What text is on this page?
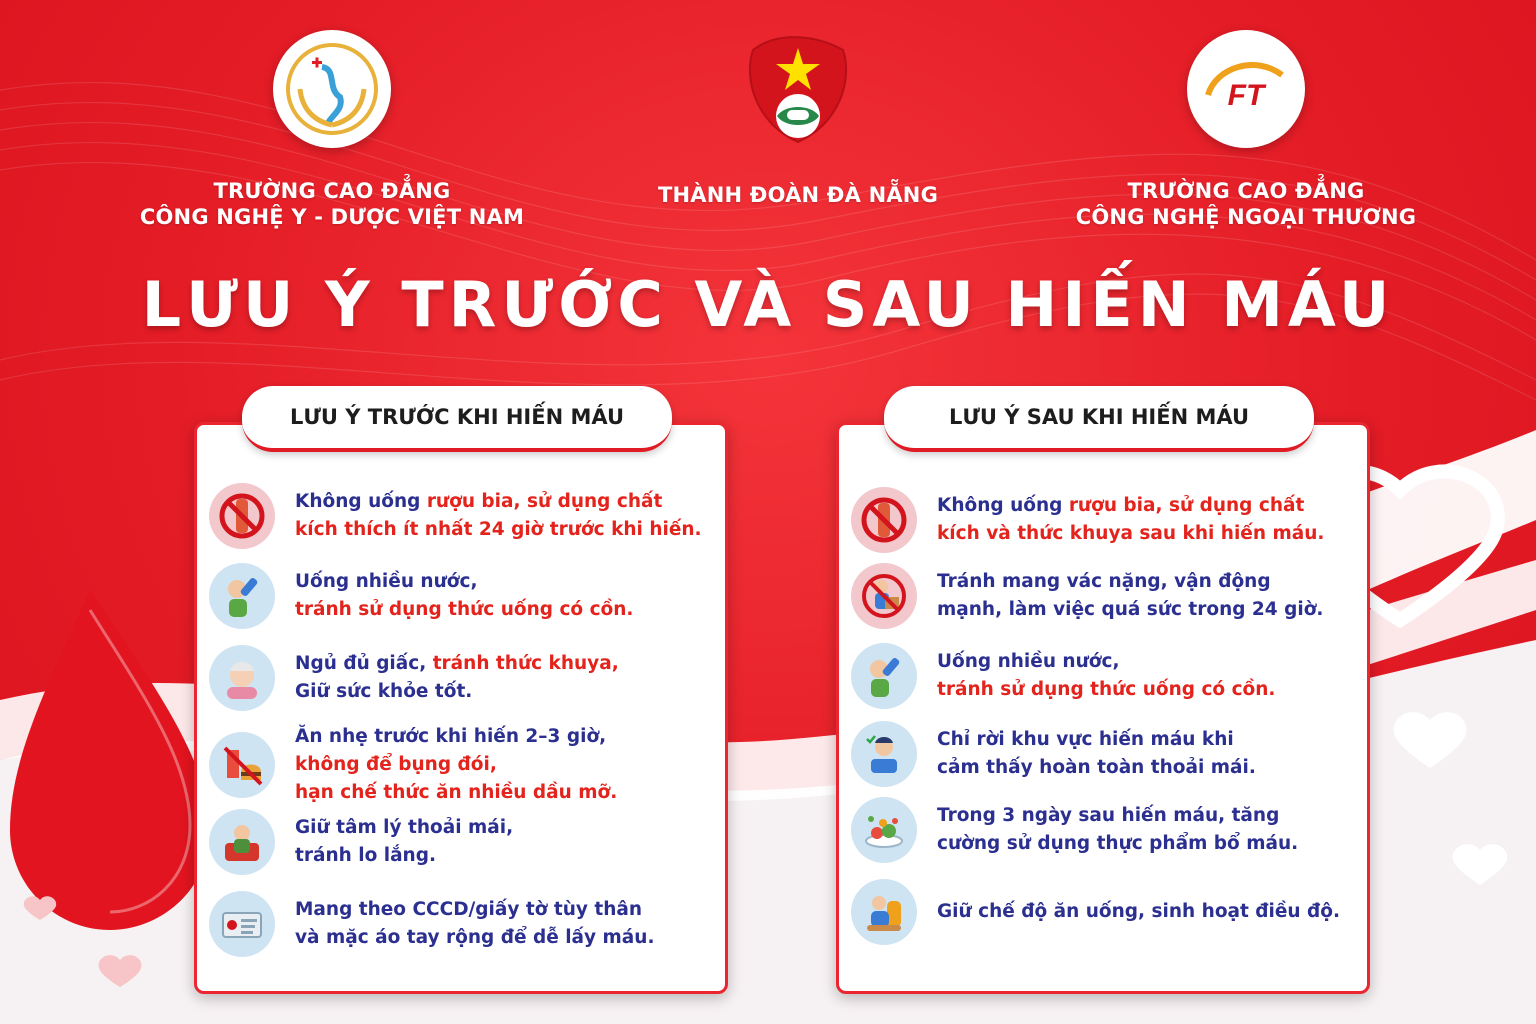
TRƯỜNG CAO ĐẲNG
CÔNG NGHỆ Y - DƯỢC VIỆT NAM
THÀNH ĐOÀN ĐÀ NẴNG
FT
TRƯỜNG CAO ĐẲNG
CÔNG NGHỆ NGOẠI THƯƠNG
LƯU Ý TRƯỚC VÀ SAU HIẾN MÁU
Không uống rượu bia, sử dụng chất
kích thích ít nhất 24 giờ trước khi hiến.
Uống nhiều nước,
tránh sử dụng thức uống có cồn.
Ngủ đủ giấc, tránh thức khuya,
Giữ sức khỏe tốt.
Ăn nhẹ trước khi hiến 2–3 giờ,
không để bụng đói,
hạn chế thức ăn nhiều dầu mỡ.
Giữ tâm lý thoải mái,
tránh lo lắng.
Mang theo CCCD/giấy tờ tùy thân
và mặc áo tay rộng để dễ lấy máu.
LƯU Ý TRƯỚC KHI HIẾN MÁU
Không uống rượu bia, sử dụng chất
kích và thức khuya sau khi hiến máu.
Tránh mang vác nặng, vận động
mạnh, làm việc quá sức trong 24 giờ.
Uống nhiều nước,
tránh sử dụng thức uống có cồn.
Chỉ rời khu vực hiến máu khi
cảm thấy hoàn toàn thoải mái.
Trong 3 ngày sau hiến máu, tăng
cường sử dụng thực phẩm bổ máu.
Giữ chế độ ăn uống, sinh hoạt điều độ.
LƯU Ý SAU KHI HIẾN MÁU
